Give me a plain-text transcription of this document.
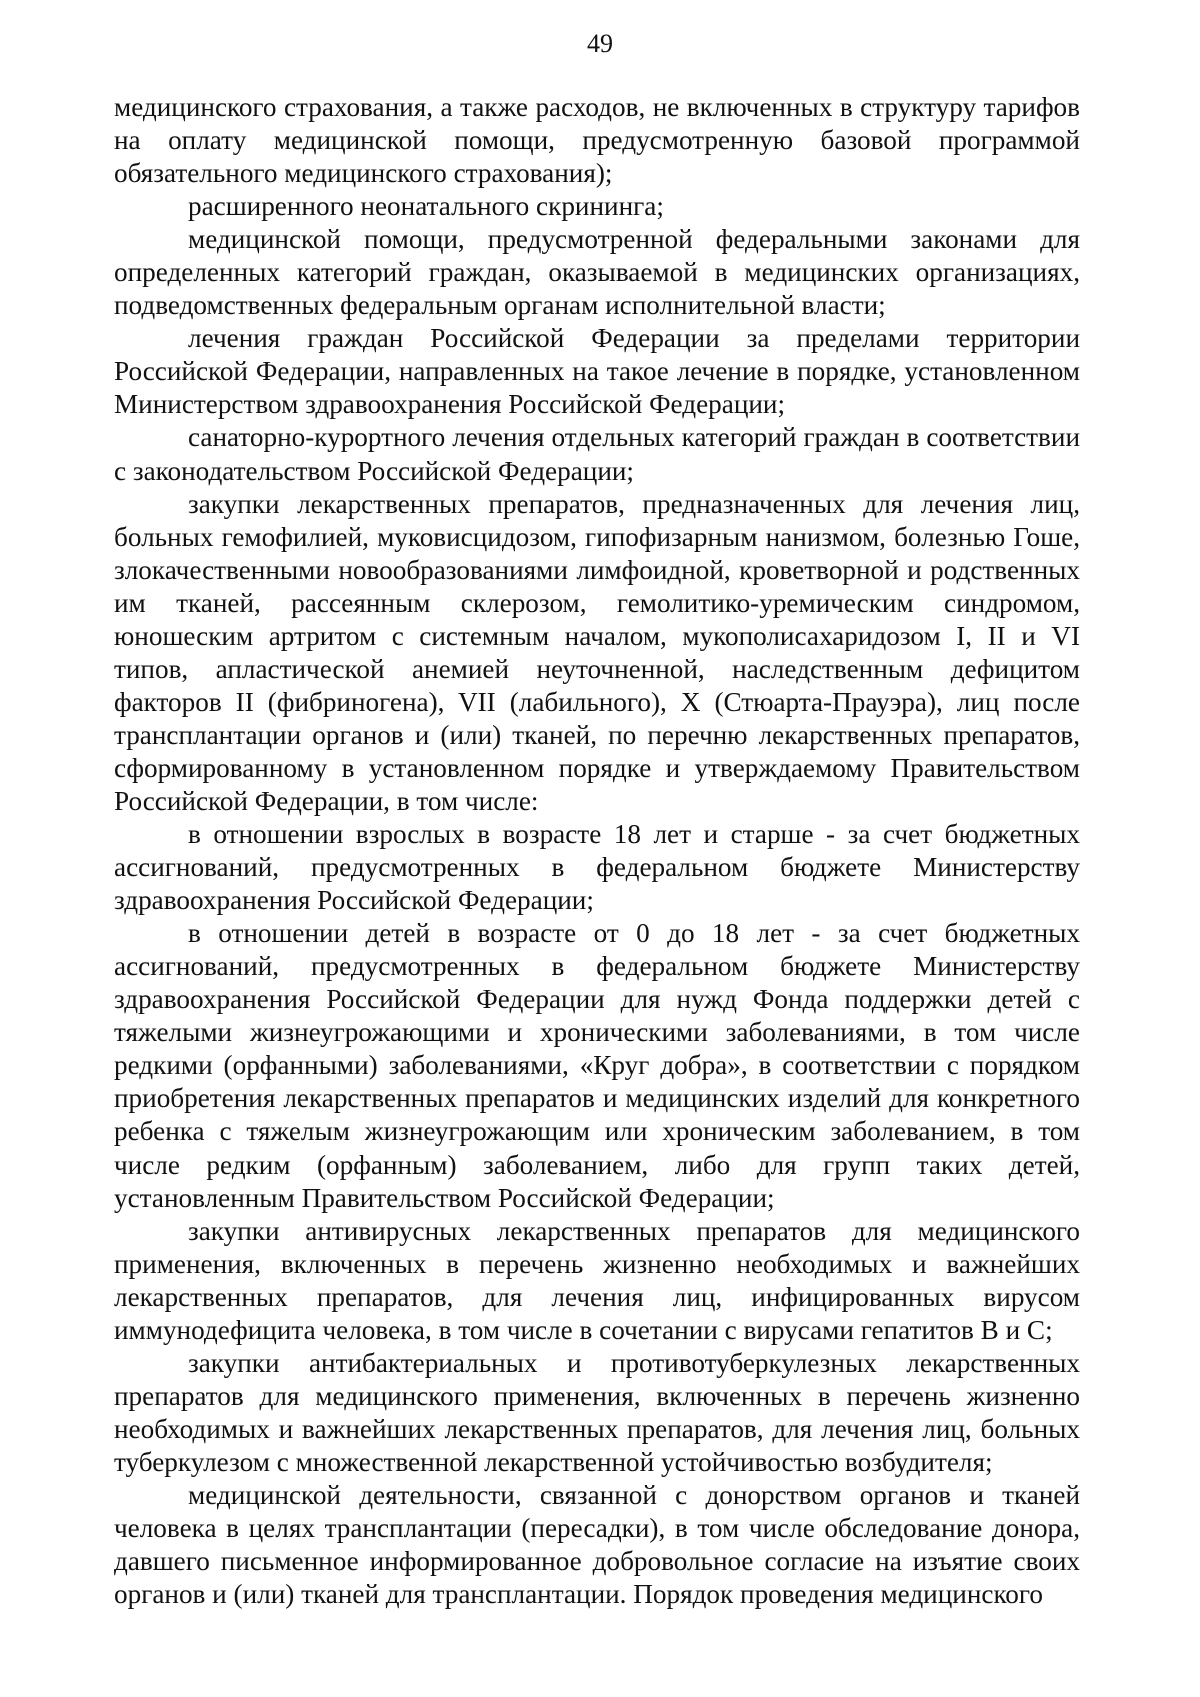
49

медицинского страхования, а также расходов, не включенных в структуру тарифов на оплату медицинской помощи, предусмотренную базовой программой обязательного медицинского страхования);

расширенного неонатального скрининга;

медицинской помощи, предусмотренной федеральными законами для определенных категорий граждан, оказываемой в медицинских организациях, подведомственных федеральным органам исполнительной власти;

лечения граждан Российской Федерации за пределами территории Российской Федерации, направленных на такое лечение в порядке, установленном Министерством здравоохранения Российской Федерации;

санаторно-курортного лечения отдельных категорий граждан в соответствии с законодательством Российской Федерации;

закупки лекарственных препаратов, предназначенных для лечения лиц, больных гемофилией, муковисцидозом, гипофизарным нанизмом, болезнью Гоше, злокачественными новообразованиями лимфоидной, кроветворной и родственных им тканей, рассеянным склерозом, гемолитико-уремическим синдромом, юношеским артритом с системным началом, мукополисахаридозом I, II и VI типов, апластической анемией неуточненной, наследственным дефицитом факторов II (фибриногена), VII (лабильного), X (Стюарта-Прауэра), лиц после трансплантации органов и (или) тканей, по перечню лекарственных препаратов, сформированному в установленном порядке и утверждаемому Правительством Российской Федерации, в том числе:

в отношении взрослых в возрасте 18 лет и старше - за счет бюджетных ассигнований, предусмотренных в федеральном бюджете Министерству здравоохранения Российской Федерации;

в отношении детей в возрасте от 0 до 18 лет - за счет бюджетных ассигнований, предусмотренных в федеральном бюджете Министерству здравоохранения Российской Федерации для нужд Фонда поддержки детей с тяжелыми жизнеугрожающими и хроническими заболеваниями, в том числе редкими (орфанными) заболеваниями, «Круг добра», в соответствии с порядком приобретения лекарственных препаратов и медицинских изделий для конкретного ребенка с тяжелым жизнеугрожающим или хроническим заболеванием, в том числе редким (орфанным) заболеванием, либо для групп таких детей, установленным Правительством Российской Федерации;

закупки антивирусных лекарственных препаратов для медицинского применения, включенных в перечень жизненно необходимых и важнейших лекарственных препаратов, для лечения лиц, инфицированных вирусом иммунодефицита человека, в том числе в сочетании с вирусами гепатитов B и C;

закупки антибактериальных и противотуберкулезных лекарственных препаратов для медицинского применения, включенных в перечень жизненно необходимых и важнейших лекарственных препаратов, для лечения лиц, больных туберкулезом с множественной лекарственной устойчивостью возбудителя;

медицинской деятельности, связанной с донорством органов и тканей человека в целях трансплантации (пересадки), в том числе обследование донора, давшего письменное информированное добровольное согласие на изъятие своих органов и (или) тканей для трансплантации. Порядок проведения медицинского
